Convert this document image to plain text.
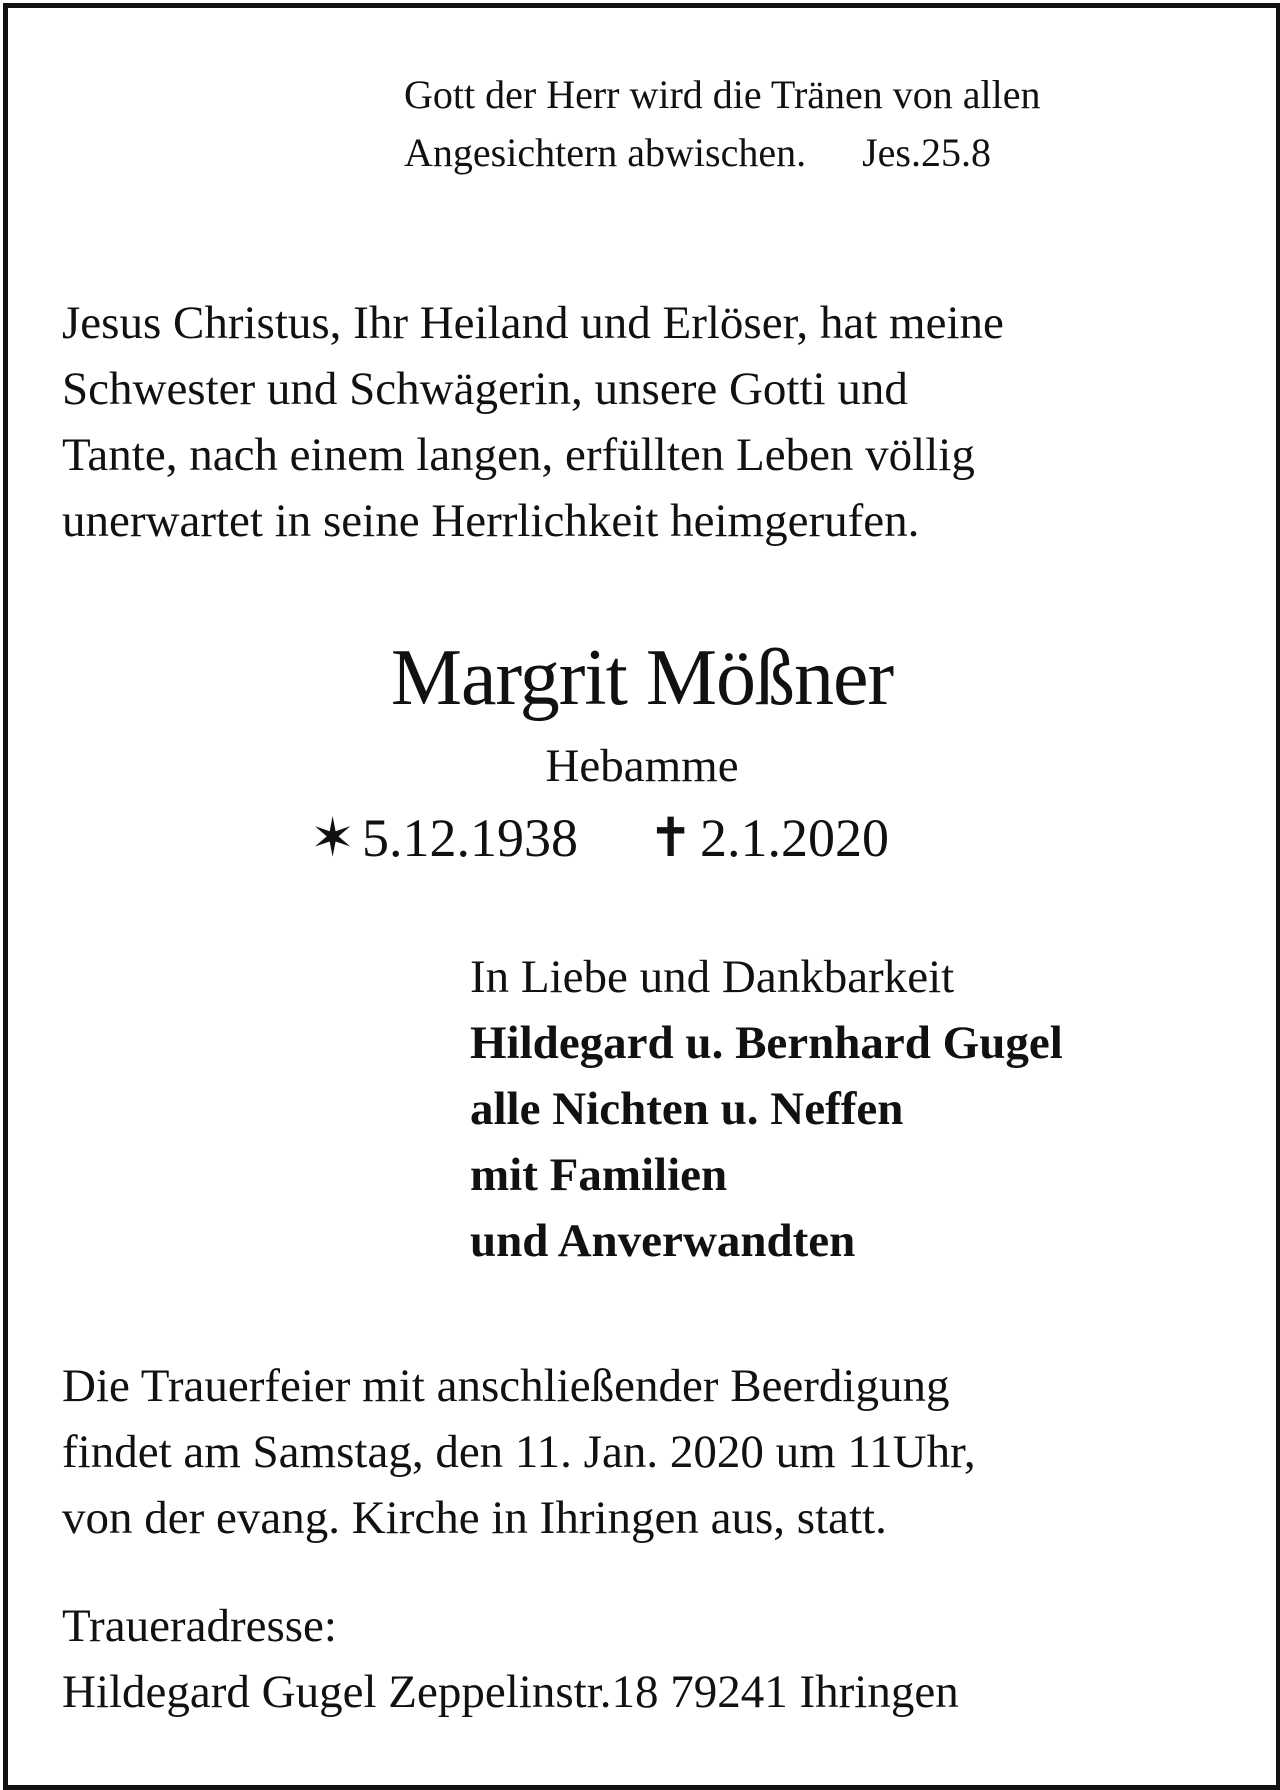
Gott der Herr wird die Tränen von allen
Angesichtern abwischen. Jes.25.8
Jesus Christus, Ihr Heiland und Erlöser, hat meine
Schwester und Schwägerin, unsere Gotti und
Tante, nach einem langen, erfüllten Leben völlig
unerwartet in seine Herrlichkeit heimgerufen.
Margrit Mößner
Hebamme
✶ 5.12.1938 ✝ 2.1.2020
In Liebe und Dankbarkeit
Hildegard u. Bernhard Gugel
alle Nichten u. Neffen
mit Familien
und Anverwandten
Die Trauerfeier mit anschließender Beerdigung
findet am Samstag, den 11. Jan. 2020 um 11Uhr,
von der evang. Kirche in Ihringen aus, statt.
Traueradresse:
Hildegard Gugel Zeppelinstr.18 79241 Ihringen
